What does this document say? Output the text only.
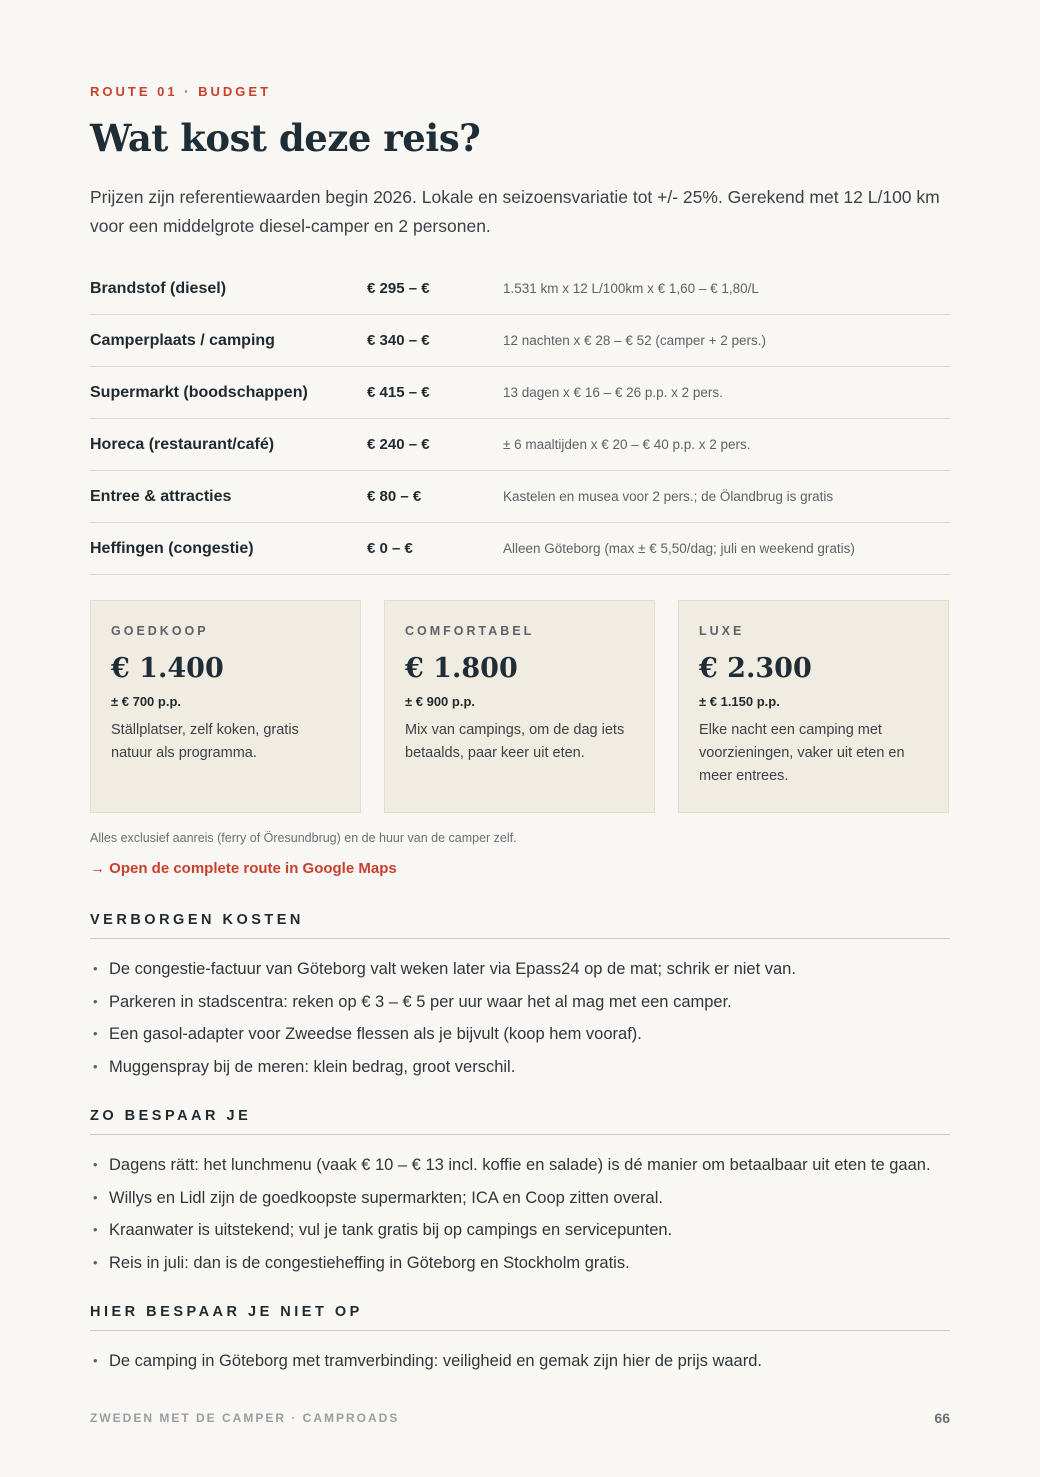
ROUTE 01 · BUDGET
Wat kost deze reis?

Prijzen zijn referentiewaarden begin 2026. Lokale en seizoensvariatie tot +/- 25%. Gerekend met 12 L/100 km voor een middelgrote diesel-camper en 2 personen.

Brandstof (diesel)	€ 295 – €	1.531 km x 12 L/100km x € 1,60 – € 1,80/L
Camperplaats / camping	€ 340 – €	12 nachten x € 28 – € 52 (camper + 2 pers.)
Supermarkt (boodschappen)	€ 415 – €	13 dagen x € 16 – € 26 p.p. x 2 pers.
Horeca (restaurant/café)	€ 240 – €	± 6 maaltijden x € 20 – € 40 p.p. x 2 pers.
Entree & attracties	€ 80 – €	Kastelen en musea voor 2 pers.; de Ölandbrug is gratis
Heffingen (congestie)	€ 0 – €	Alleen Göteborg (max ± € 5,50/dag; juli en weekend gratis)
GOEDKOOP
€ 1.400
± € 700 p.p.
Ställplatser, zelf koken, gratis natuur als programma.
COMFORTABEL
€ 1.800
± € 900 p.p.
Mix van campings, om de dag iets betaalds, paar keer uit eten.
LUXE
€ 2.300
± € 1.150 p.p.
Elke nacht een camping met voorzieningen, vaker uit eten en meer entrees.
Alles exclusief aanreis (ferry of Öresundbrug) en de huur van de camper zelf.
→ Open de complete route in Google Maps
VERBORGEN KOSTEN
• De congestie-factuur van Göteborg valt weken later via Epass24 op de mat; schrik er niet van.
• Parkeren in stadscentra: reken op € 3 – € 5 per uur waar het al mag met een camper.
• Een gasol-adapter voor Zweedse flessen als je bijvult (koop hem vooraf).
• Muggenspray bij de meren: klein bedrag, groot verschil.
ZO BESPAAR JE
• Dagens rätt: het lunchmenu (vaak € 10 – € 13 incl. koffie en salade) is dé manier om betaalbaar uit eten te gaan.
• Willys en Lidl zijn de goedkoopste supermarkten; ICA en Coop zitten overal.
• Kraanwater is uitstekend; vul je tank gratis bij op campings en servicepunten.
• Reis in juli: dan is de congestieheffing in Göteborg en Stockholm gratis.
HIER BESPAAR JE NIET OP
• De camping in Göteborg met tramverbinding: veiligheid en gemak zijn hier de prijs waard.
ZWEDEN MET DE CAMPER · CAMPROADS	66
